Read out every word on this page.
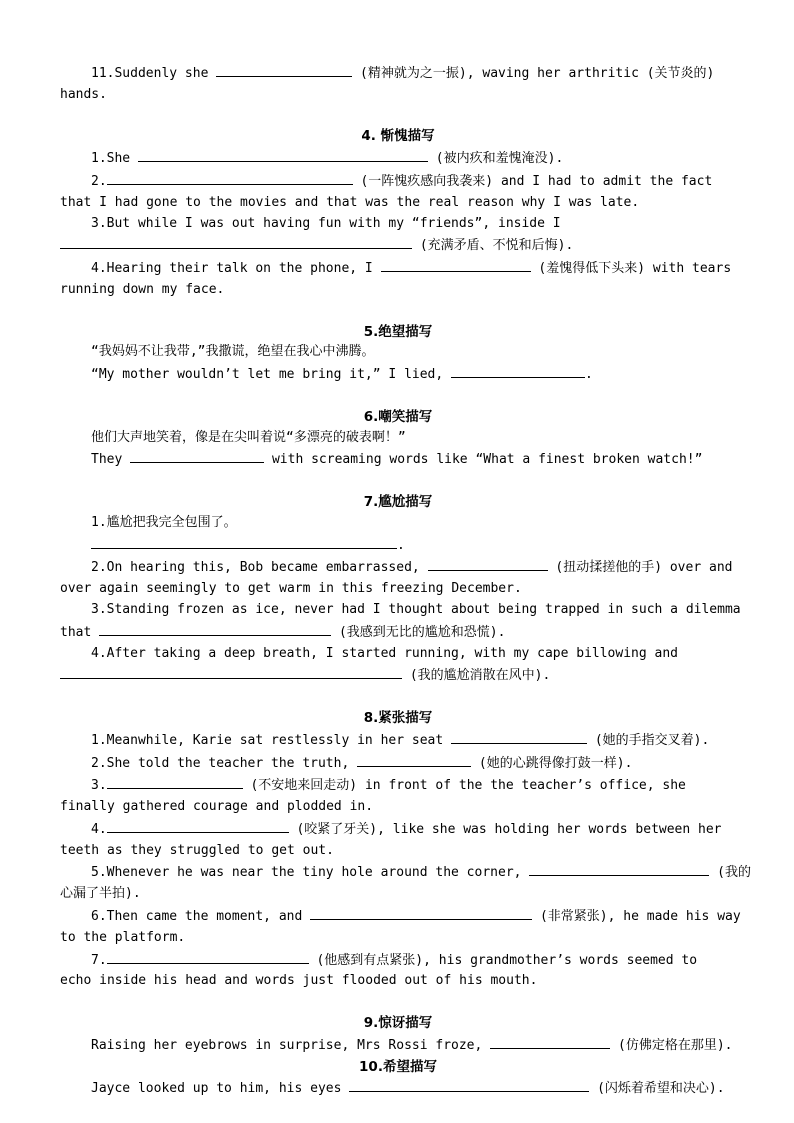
11.Suddenly she	(精神就为之一振), waving her arthritic (关节炎的)

hands.

4. 惭愧描写

1.She	(被内疚和羞愧淹没).

2.	(一阵愧疚感向我袭来) and I had to admit the fact

that I had gone to the movies and that was the real reason why I was late.

3.But while I was out having fun with my “friends”, inside I

(充满矛盾、不悦和后悔).

4.Hearing their talk on the phone, I	(羞愧得低下头来) with tears

running down my face.

5.绝望描写

“我妈妈不让我带,”我撒谎，绝望在我心中沸腾。

“My mother wouldn’t let me bring it,” I lied,	.

6.嘲笑描写

他们大声地笑着，像是在尖叫着说“多漂亮的破表啊！”

They	with screaming words like “What a finest broken watch!”

7.尴尬描写

1.尴尬把我完全包围了。

.

2.On hearing this, Bob became embarrassed,	(扭动揉搓他的手) over and

over again seemingly to get warm in this freezing December.

3.Standing frozen as ice, never had I thought about being trapped in such a dilemma

that	(我感到无比的尴尬和恐慌).

4.After taking a deep breath, I started running, with my cape billowing and

(我的尴尬消散在风中).

8.紧张描写

1.Meanwhile, Karie sat restlessly in her seat	(她的手指交叉着).

2.She told the teacher the truth,	(她的心跳得像打鼓一样).

3.	(不安地来回走动) in front of the the teacher’s office, she

finally gathered courage and plodded in.

4.	(咬紧了牙关), like she was holding her words between her

teeth as they struggled to get out.

5.Whenever he was near the tiny hole around the corner,	(我的

心漏了半拍).

6.Then came the moment, and	(非常紧张), he made his way

to the platform.

7.	(他感到有点紧张), his grandmother’s words seemed to

echo inside his head and words just flooded out of his mouth.

9.惊讶描写

Raising her eyebrows in surprise, Mrs Rossi froze,	(仿佛定格在那里).

10.希望描写

Jayce looked up to him, his eyes	(闪烁着希望和决心).
